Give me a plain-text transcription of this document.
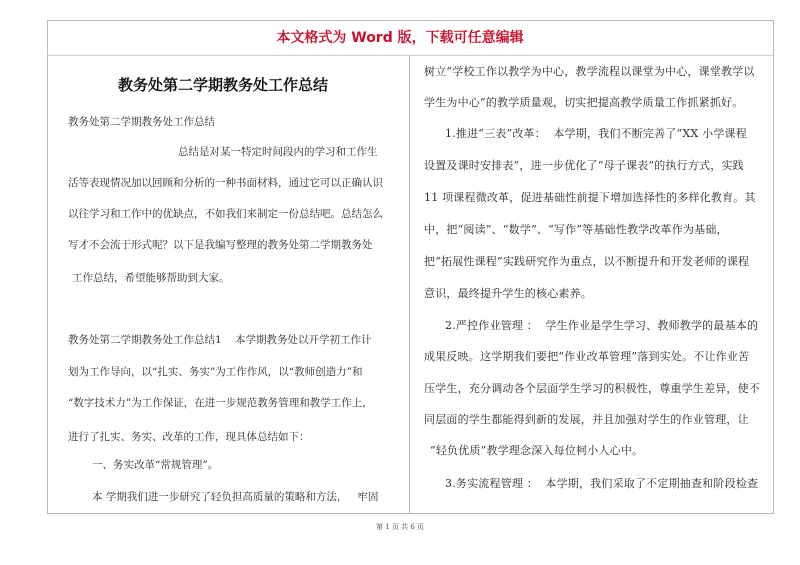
本文格式为 Word 版，下载可任意编辑
教务处第二学期教务处工作总结
教务处第二学期教务处工作总结
总结是对某一特定时间段内的学习和工作生
活等表现情况加以回顾和分析的一种书面材料，通过它可以正确认识
以往学习和工作中的优缺点，不如我们来制定一份总结吧。总结怎么
写才不会流于形式呢？以下是我编写整理的教务处第二学期教务处
工作总结，希望能够帮助到大家。
教务处第二学期教务处工作总结1    本学期教务处以开学初工作计
划为工作导向，以“扎实、务实”为工作作风，以“教师创造力”和
“数字技术力”为工作保证，在进一步规范教务管理和教学工作上，
进行了扎实、务实、改革的工作，现具体总结如下：
一、务实改革“常规管理”。
本 学期我们进一步研究了轻负担高质量的策略和方法，   牢固
树立“学校工作以教学为中心，教学流程以课堂为中心，课堂教学以
学生为中心”的教学质量观，切实把提高教学质量工作抓紧抓好。
1.推进“三表”改革：  本学期，我们不断完善了“XX 小学课程
设置及课时安排表”，进一步优化了“母子课表”的执行方式，实践
11 项课程微改革，促进基础性前提下增加选择性的多样化教育。其
中，把“阅读”、“数学”、“写作”等基础性教学改革作为基础，
把“拓展性课程”实践研究作为重点，以不断提升和开发老师的课程
意识，最终提升学生的核心素养。
2.严控作业管理 ：  学生作业是学生学习、教师教学的最基本的
成果反映。这学期我们要把“作业改革管理”落到实处。不让作业苦
压学生，充分调动各个层面学生学习的积极性，尊重学生差异，使不
同层面的学生都能得到新的发展，并且加强对学生的作业管理，让
“轻负优质”教学理念深入每位柯小人心中。
3.务实流程管理 ：  本学期，我们采取了不定期抽查和阶段检查
第 1 页 共 6 页
